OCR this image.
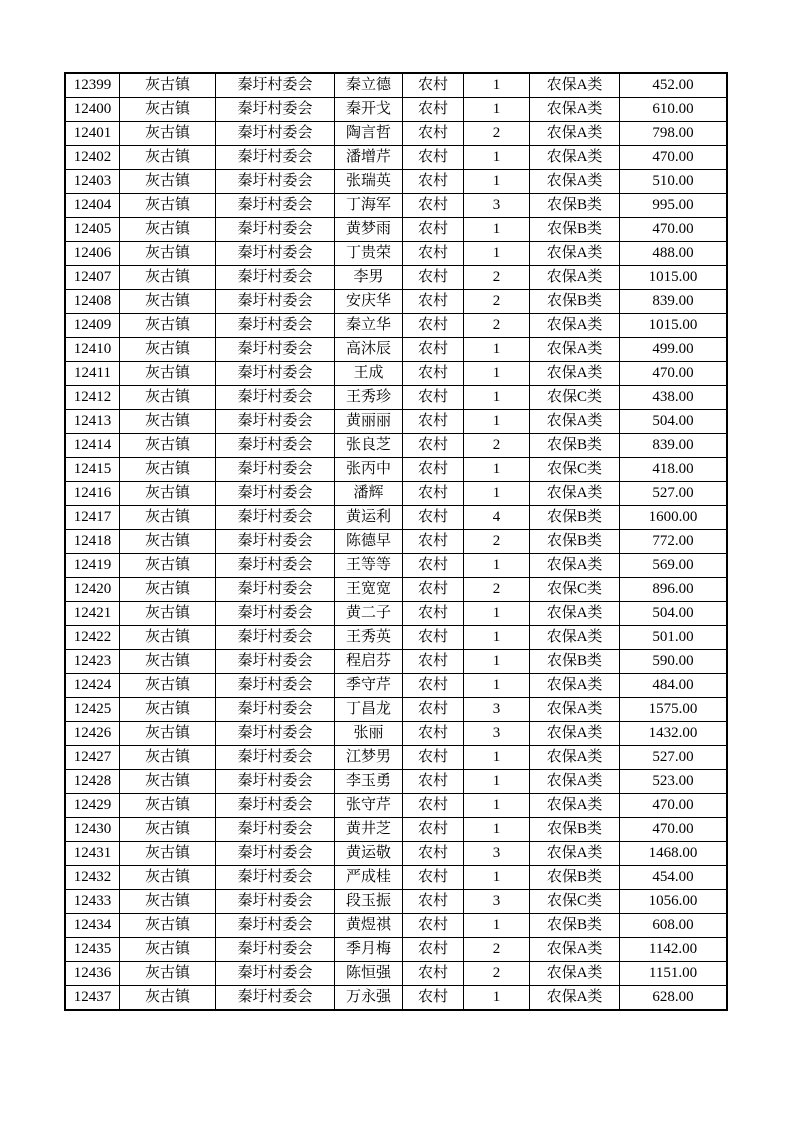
12399	灰古镇	秦圩村委会	秦立德	农村	1	农保A类	452.00
12400	灰古镇	秦圩村委会	秦开戈	农村	1	农保A类	610.00
12401	灰古镇	秦圩村委会	陶言哲	农村	2	农保A类	798.00
12402	灰古镇	秦圩村委会	潘增芹	农村	1	农保A类	470.00
12403	灰古镇	秦圩村委会	张瑞英	农村	1	农保A类	510.00
12404	灰古镇	秦圩村委会	丁海军	农村	3	农保B类	995.00
12405	灰古镇	秦圩村委会	黄梦雨	农村	1	农保B类	470.00
12406	灰古镇	秦圩村委会	丁贵荣	农村	1	农保A类	488.00
12407	灰古镇	秦圩村委会	李男	农村	2	农保A类	1015.00
12408	灰古镇	秦圩村委会	安庆华	农村	2	农保B类	839.00
12409	灰古镇	秦圩村委会	秦立华	农村	2	农保A类	1015.00
12410	灰古镇	秦圩村委会	高沐辰	农村	1	农保A类	499.00
12411	灰古镇	秦圩村委会	王成	农村	1	农保A类	470.00
12412	灰古镇	秦圩村委会	王秀珍	农村	1	农保C类	438.00
12413	灰古镇	秦圩村委会	黄丽丽	农村	1	农保A类	504.00
12414	灰古镇	秦圩村委会	张良芝	农村	2	农保B类	839.00
12415	灰古镇	秦圩村委会	张丙中	农村	1	农保C类	418.00
12416	灰古镇	秦圩村委会	潘辉	农村	1	农保A类	527.00
12417	灰古镇	秦圩村委会	黄运利	农村	4	农保B类	1600.00
12418	灰古镇	秦圩村委会	陈德早	农村	2	农保B类	772.00
12419	灰古镇	秦圩村委会	王等等	农村	1	农保A类	569.00
12420	灰古镇	秦圩村委会	王宽宽	农村	2	农保C类	896.00
12421	灰古镇	秦圩村委会	黄二子	农村	1	农保A类	504.00
12422	灰古镇	秦圩村委会	王秀英	农村	1	农保A类	501.00
12423	灰古镇	秦圩村委会	程启芬	农村	1	农保B类	590.00
12424	灰古镇	秦圩村委会	季守芹	农村	1	农保A类	484.00
12425	灰古镇	秦圩村委会	丁昌龙	农村	3	农保A类	1575.00
12426	灰古镇	秦圩村委会	张丽	农村	3	农保A类	1432.00
12427	灰古镇	秦圩村委会	江梦男	农村	1	农保A类	527.00
12428	灰古镇	秦圩村委会	李玉勇	农村	1	农保A类	523.00
12429	灰古镇	秦圩村委会	张守芹	农村	1	农保A类	470.00
12430	灰古镇	秦圩村委会	黄井芝	农村	1	农保B类	470.00
12431	灰古镇	秦圩村委会	黄运敬	农村	3	农保A类	1468.00
12432	灰古镇	秦圩村委会	严成桂	农村	1	农保B类	454.00
12433	灰古镇	秦圩村委会	段玉振	农村	3	农保C类	1056.00
12434	灰古镇	秦圩村委会	黄煜祺	农村	1	农保B类	608.00
12435	灰古镇	秦圩村委会	季月梅	农村	2	农保A类	1142.00
12436	灰古镇	秦圩村委会	陈恒强	农村	2	农保A类	1151.00
12437	灰古镇	秦圩村委会	万永强	农村	1	农保A类	628.00
